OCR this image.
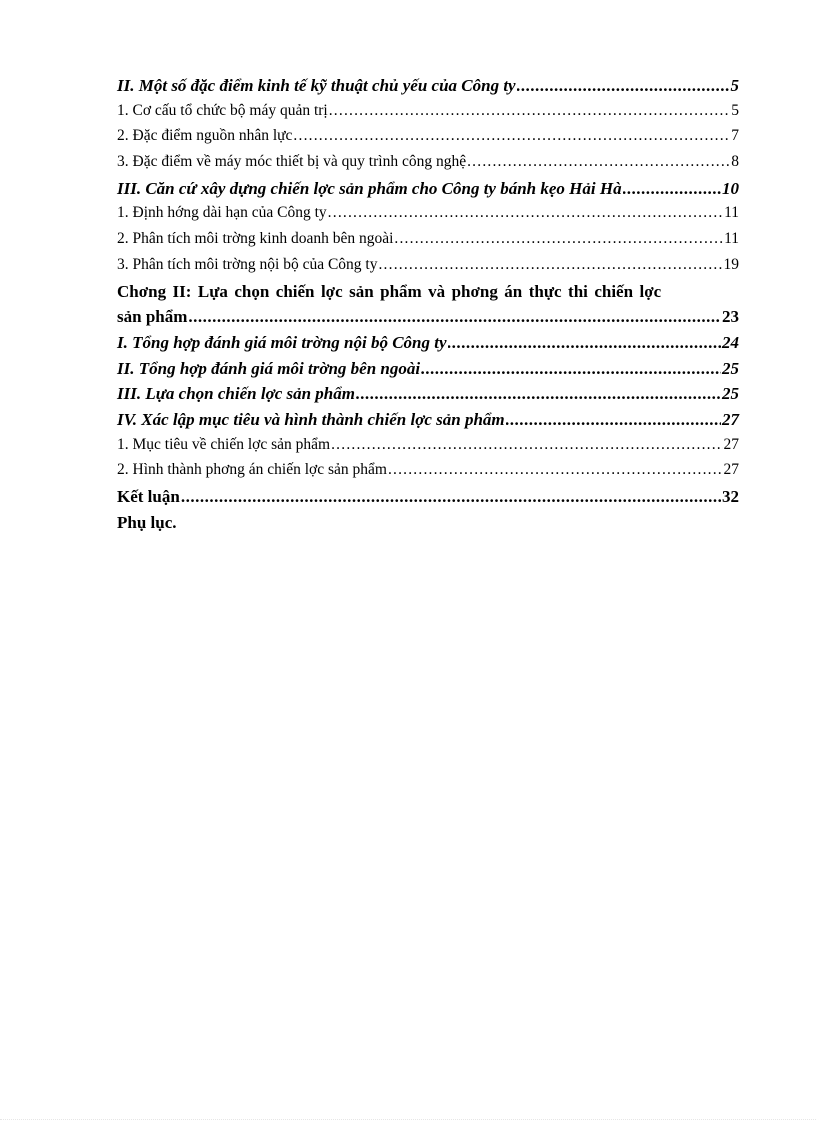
II. Một số đặc điểm kinh tế kỹ thuật chủ yếu của Công ty .....	5
1. Cơ cấu tổ chức bộ máy quản trị .....	5
2. Đặc điểm nguồn nhân lực .....	7
3. Đặc điểm về máy móc thiết bị và quy trình công nghệ .....	8
III. Căn cứ xây dựng chiến lợc sản phẩm cho Công ty bánh kẹo Hải Hà .....	10
1. Định hớng dài hạn của Công ty .....	11
2. Phân tích môi trờng kinh doanh bên ngoài .....	11
3. Phân tích môi trờng nội bộ của Công ty .....	19
Chơng II: Lựa chọn chiến lợc sản phẩm và phơng án thực thi chiến lợc
sản phẩm .....	23
I. Tổng hợp đánh giá môi trờng nội bộ Công ty .....	24
II. Tổng hợp đánh giá môi trờng bên ngoài .....	25
III. Lựa chọn chiến lợc sản phẩm .....	25
IV. Xác lập mục tiêu và hình thành chiến lợc sản phẩm .....	27
1. Mục tiêu về chiến lợc sản phẩm .....	27
2. Hình thành phơng án chiến lợc sản phẩm .....	27
Kết luận .....	32
Phụ lục.
